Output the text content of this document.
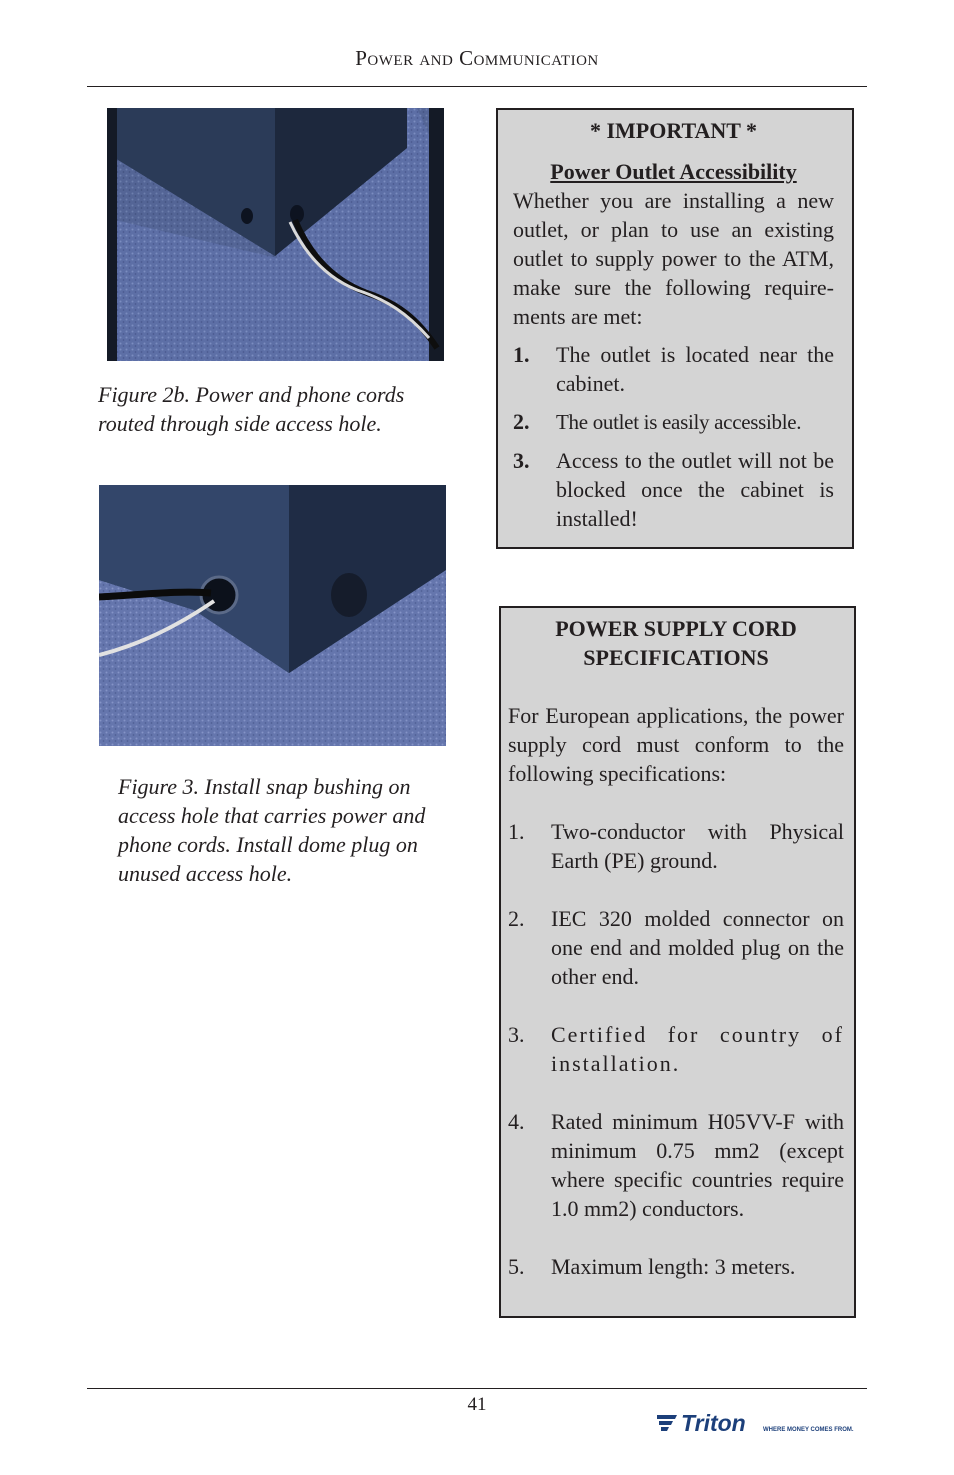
Power and Communication
Figure 2b. Power and phone cords routed through side access hole.
Figure 3. Install snap bushing on access hole that carries power and phone cords. Install dome plug on unused access hole.

* IMPORTANT *

Power Outlet Accessibility

Whether you are installing a new outlet, or plan to use an existing outlet to supply power to the ATM, make sure the following require-ments are met:

1. The outlet is located near the cabinet.
2. The outlet is easily accessible.
3. Access to the outlet will not be blocked once the cabinet is installed!

POWER SUPPLY CORD SPECIFICATIONS

For European applications, the power supply cord must conform to the following specifications:

1. Two-conductor with Physical Earth (PE) ground.
2. IEC 320 molded connector on one end and molded plug on the other end.
3. Certified for country of installation.
4. Rated minimum H05VV-F with minimum 0.75 mm2 (except where specific countries require 1.0 mm2) conductors.
5. Maximum length: 3 meters.
41
Triton	WHERE MONEY COMES FROM.
